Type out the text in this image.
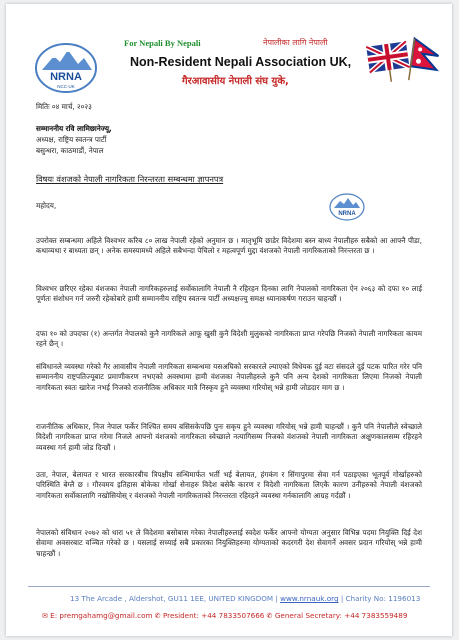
NRNA
NCC-UK
For Nepali By Nepali	नेपालीका लागि नेपाली
Non-Resident Nepali Association UK,
गैरआवासीय नेपाली संघ युके,
मितिः ०४ मार्च, २०२३
सम्माननीय रवि लामिछानेज्यू,
अध्यक्ष, राष्ट्रिय स्वतन्त्र पार्टी
बसुन्धरा, काठमाडौं, नेपाल
विषयः वंशजको नेपाली नागरिकता निरन्तरता सम्बन्धमा ज्ञापनपत्र
महोदय,
NRNA
उपरोक्त सम्बन्धमा अहिले विश्वभर करिब ८० लाख नेपाली रहेको अनुमान छ । मातृभूमि छाडेर विदेशमा बस्न बाध्य नेपालीहरु सबैको आ आफ्नै पीडा, कथाव्यथा र बाध्यता छन् । अनेक समस्यामध्ये अहिले सबैभन्दा पेचिलो र महत्वपूर्ण मुद्दा वंशजको नेपाली नागरिकताको निरन्तरता छ ।
विश्वभर छरिएर रहेका वंशजका नेपाली नागरिकहरुलाई सर्वोकालागि नेपाली नै रहिरहन दिनका लागि नेपालको नागरिकता ऐन २०६३ को दफा १० लाई पूर्णतः संशोधन गर्न जरुरी रहेकोबारे हामी सम्माननीय राष्ट्रिय स्वतन्त्र पार्टी अध्यक्षज्यु समक्ष ध्यानाकर्षण गराउन चाहन्छौं ।
दफा १० को उपदफा (१) अन्तर्गत नेपालको कुनै नागरिकले आफू खुसी कुनै विदेशी मुलुकको नागरिकता प्राप्त गरेपछि निजको नेपाली नागरिकता कायम रहने छैन् ।
संविधानले व्यवस्था गरेको गैर आवासीय नेपाली नागरिकता सम्बन्धमा यसअघिको सरकारले ल्याएको विधेयक दुई वटा संसदले दुई पटक पारित गरेर पनि सम्माननीय राष्ट्रपतिज्यूबाट प्रमाणीकरण नभएको अवस्थामा हामी वंशजका नेपालीहरुले कुनै पनि अन्य देशको नागरिकता लिएमा निजको नेपाली नागरिकता स्वतः खारेज नभई निजको राजनीतिक अधिकार मात्रै निस्कृय हुने व्यवस्था गरियोस् भन्ने हामी जोडदार माग छ ।
राजनीतिक अधिकार, निज नेपाल फर्केर निश्चित समय बसिसकेपछि पुनः सकृय हुने व्यवस्था गरियोस् भन्ने हामी चाहन्छौं । कुनै पनि नेपालीले स्वेच्छाले विदेशी नागरिकता प्राप्त गरेमा निजले आफ्नो वंशजको नागरिकता स्वेच्छाले नत्यागिसम्म निजको वंशजको नेपाली नागरिकता अक्षुणकालसम्म रहिरहने व्यवस्था गर्न हामी जोड दिन्छौं ।
उता, नेपाल, बेलायत र भारत सरकारबीच त्रिपक्षीय सन्धिमार्फत भर्ती भई बेलायत, हंगकंग र सिंगापुरमा सेवा गर्न पठाइएका भूतपूर्व गोर्खाहरुको परिस्थिति बेग्लै छ । गौरवमय इतिहास बोकेका गोर्खा सेनाहरु विदेश बसेकै कारण र विदेशी नागरिकता लिएकै कारण उनीहरुको नेपाली वंशजको नागरिकता सर्वोकालागि नखोसियोस् र वंशजको नेपाली नागरिकताको निरन्तरता रहिरहने व्यवस्था गर्नकालागि आग्रह गर्दछौं ।
नेपालको संविधान २०७२ को धारा ५१ ले विदेशमा बसोबास गरेका नेपालीहरुलाई स्वदेश फर्केर आफ्नो योग्यता अनुसार विभिन्न पदमा नियुक्ति दिई देश सेवामा अवसरबाट वञ्चित गरेको छ । यसलाई सच्याई सबै प्रकारका नियुक्तिहरुमा योग्यताको कदरगरी देश सेवागर्ने अवसर प्रदान गरियोस् भन्ने हामी चाहन्छौं ।
13 The Arcade , Aldershot, GU11 1EE, UNITED KINGDOM | www.nrnauk.org | Charity No: 1196013
✉ E: premgahamg@gmail.com ✆ President: +44 7833507666 ✆ General Secretary: +44 7383559489
